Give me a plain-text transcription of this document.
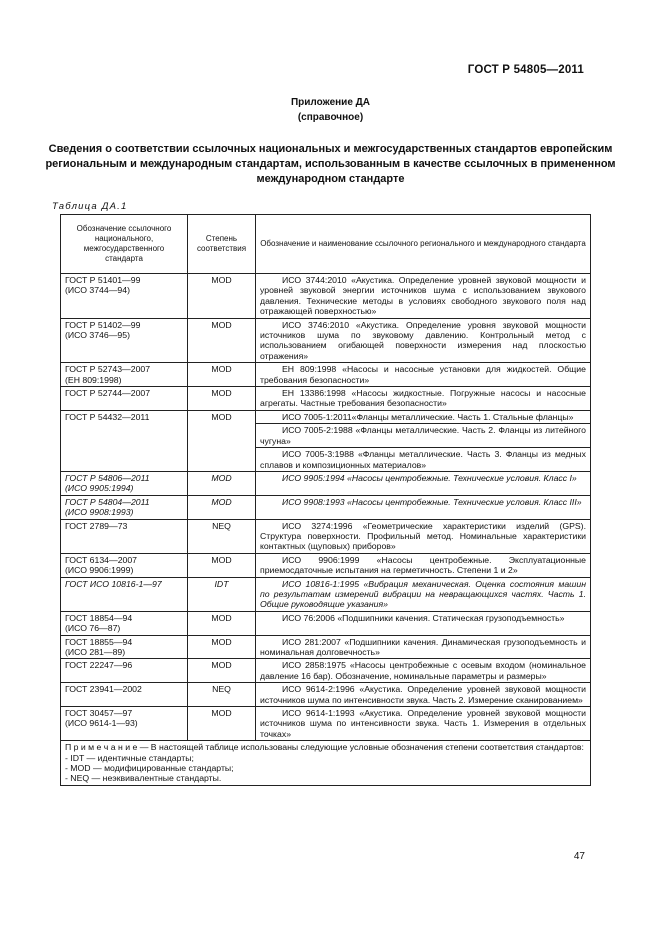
ГОСТ Р 54805—2011
Приложение ДА
(справочное)
Сведения о соответствии ссылочных национальных и межгосударственных стандартов европейским региональным и международным стандартам, использованным в качестве ссылочных в примененном международном стандарте
Таблица ДА.1
Обозначение ссылочного национального, межгосударственного стандарта	Степень соответствия	Обозначение и наименование ссылочного регионального и международного стандарта
ГОСТ Р 51401—99
(ИСО 3744—94)	MOD	ИСО 3744:2010 «Акустика. Определение уровней звуковой мощности и уровней звуковой энергии источников шума с использованием звукового давления. Технические методы в условиях свободного звукового поля над отражающей поверхностью»
ГОСТ Р 51402—99
(ИСО 3746—95)	MOD	ИСО 3746:2010 «Акустика. Определение уровня звуковой мощности источников шума по звуковому давлению. Контрольный метод с использованием огибающей поверхности измерения над плоскостью отражения»
ГОСТ Р 52743—2007
(ЕН 809:1998)	MOD	ЕН 809:1998 «Насосы и насосные установки для жидкостей. Общие требования безопасности»
ГОСТ Р 52744—2007	MOD	ЕН 13386:1998 «Насосы жидкостные. Погружные насосы и насосные агрегаты. Частные требования безопасности»
ГОСТ Р 54432—2011	MOD	ИСО 7005-1:2011«Фланцы металлические. Часть 1. Стальные фланцы»
		ИСО 7005-2:1988 «Фланцы металлические. Часть 2. Фланцы из литейного чугуна»
		ИСО 7005-3:1988 «Фланцы металлические. Часть 3. Фланцы из медных сплавов и композиционных материалов»
ГОСТ Р 54806—2011
(ИСО 9905:1994)	MOD	ИСО 9905:1994 «Насосы центробежные. Технические условия. Класс I»
ГОСТ Р 54804—2011
(ИСО 9908:1993)	MOD	ИСО 9908:1993 «Насосы центробежные. Технические условия. Класс III»
ГОСТ 2789—73	NEQ	ИСО 3274:1996 «Геометрические характеристики изделий (GPS). Структура поверхности. Профильный метод. Номинальные характеристики контактных (щуповых) приборов»
ГОСТ 6134—2007
(ИСО 9906:1999)	MOD	ИСО 9906:1999 «Насосы центробежные. Эксплуатационные приемосдаточные испытания на герметичность. Степени 1 и 2»
ГОСТ ИСО 10816-1—97	IDT	ИСО 10816-1:1995 «Вибрация механическая. Оценка состояния машин по результатам измерений вибрации на невращающихся частях. Часть 1. Общие руководящие указания»
ГОСТ 18854—94
(ИСО 76—87)	MOD	ИСО 76:2006 «Подшипники качения. Статическая грузоподъемность»
ГОСТ 18855—94
(ИСО 281—89)	MOD	ИСО 281:2007 «Подшипники качения. Динамическая грузоподъемность и номинальная долговечность»
ГОСТ 22247—96	MOD	ИСО 2858:1975 «Насосы центробежные с осевым входом (номинальное давление 16 бар). Обозначение, номинальные параметры и размеры»
ГОСТ 23941—2002	NEQ	ИСО 9614-2:1996 «Акустика. Определение уровней звуковой мощности источников шума по интенсивности звука. Часть 2. Измерение сканированием»
ГОСТ 30457—97
(ИСО 9614-1—93)	MOD	ИСО 9614-1:1993 «Акустика. Определение уровней звуковой мощности источников шума по интенсивности звука. Часть 1. Измерения в отдельных точках»
П р и м е ч а н и е — В настоящей таблице использованы следующие условные обозначения степени соответствия стандартов:
- IDT — идентичные стандарты;
- MOD — модифицированные стандарты;
- NEQ — неэквивалентные стандарты.		
47
